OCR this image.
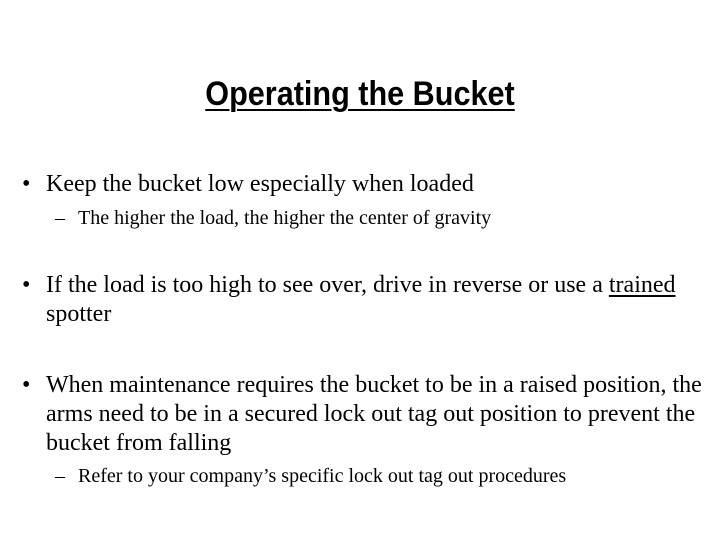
Operating the Bucket
• Keep the bucket low especially when loaded
– The higher the load, the higher the center of gravity
• If the load is too high to see over, drive in reverse or use a trained spotter
• When maintenance requires the bucket to be in a raised position, the arms need to be in a secured lock out tag out position to prevent the bucket from falling
– Refer to your company’s specific lock out tag out procedures
